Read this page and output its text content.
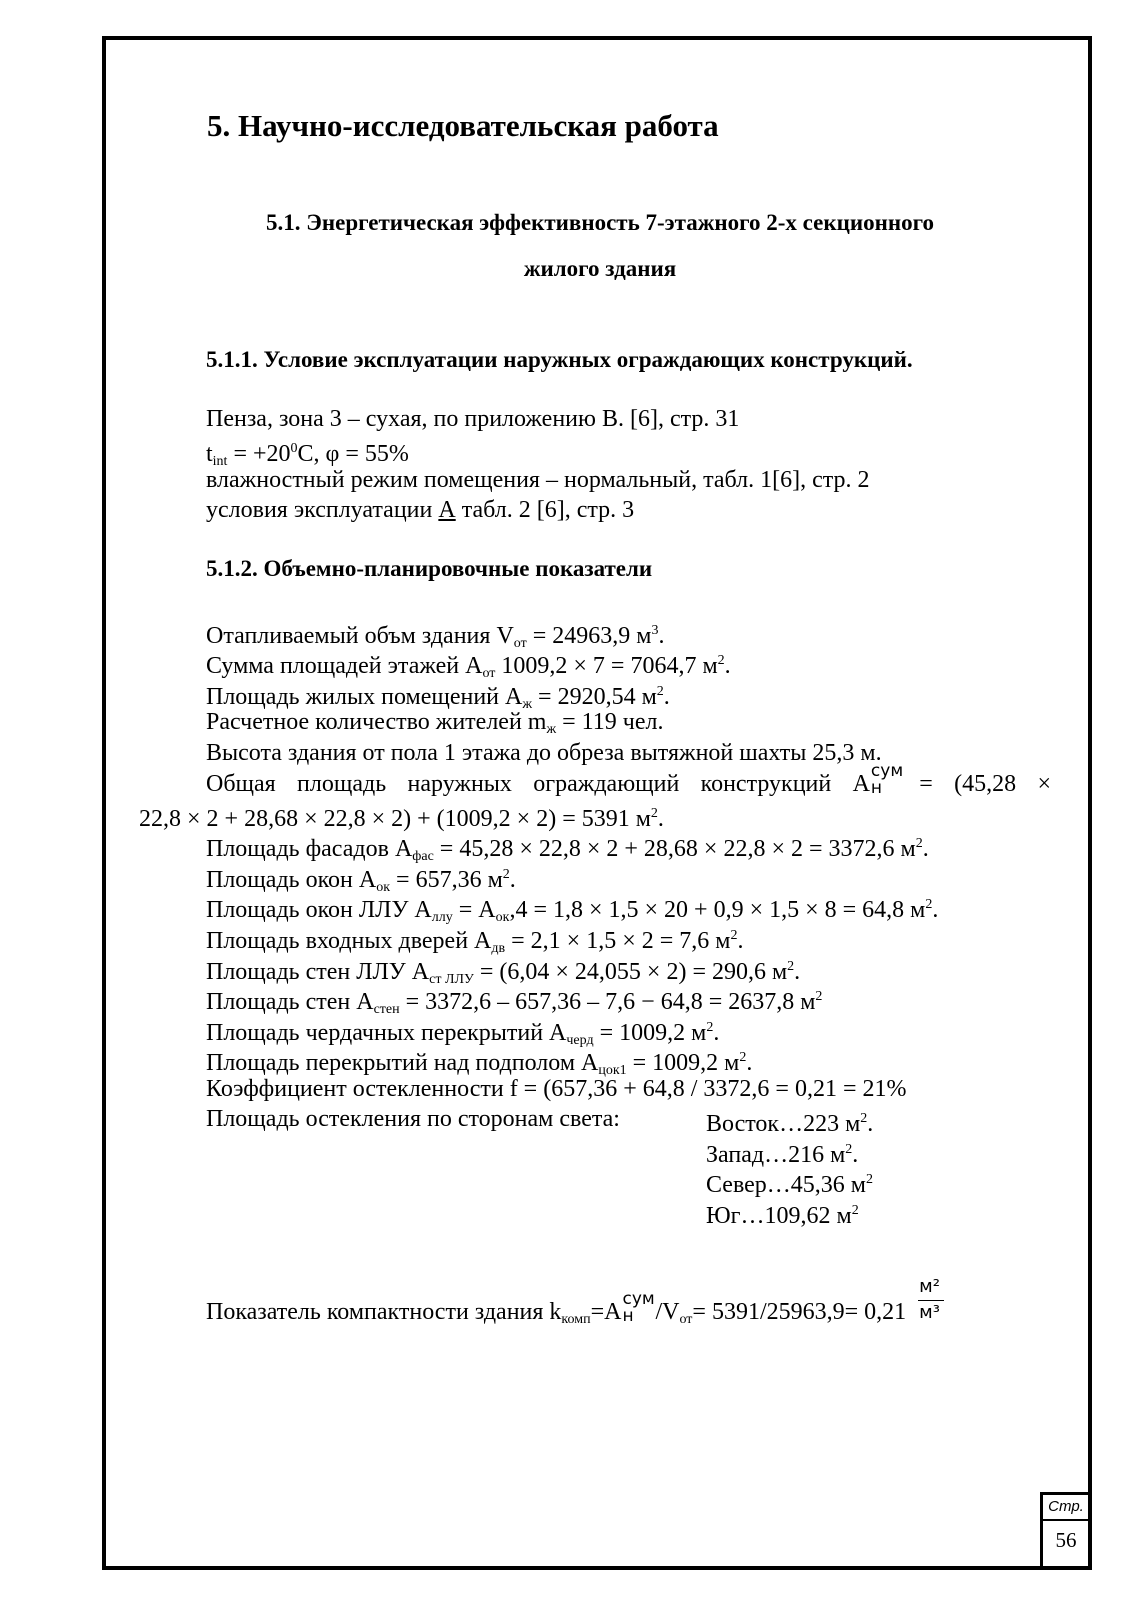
5. Научно-исследовательская работа
5.1. Энергетическая эффективность 7-этажного 2-х секционного
жилого здания
5.1.1. Условие эксплуатации наружных ограждающих конструкций.
Пенза, зона 3 – сухая, по приложению В. [6], стр. 31
$t_{int} = +20^0C$, φ = 55%
влажностный режим помещения – нормальный, табл. 1[6], стр. 2
условия эксплуатации А табл. 2 [6], стр. 3
5.1.2. Объемно-планировочные показатели
Отапливаемый объм здания $V_{от} = 24963,9$ $м^3$.
Сумма площадей этажей $А_{от}$ 1009,2 × 7 = 7064,7 $м^2$.
Площадь жилых помещений $А_ж = 2920,54$ $м^2$.
Расчетное количество жителей $m_ж = 119$ чел.
Высота здания от пола 1 этажа до обреза вытяжной шахты 25,3 м.
Общая площадь наружных ограждающий конструкций А сум
н = (45,28 ×
22,8 × 2 + 28,68 × 22,8 × 2) + (1009,2 × 2) = 5391 $м^2$.
Площадь фасадов $А_{фас} = 45,28 \times 22,8 \times 2 + 28,68 \times 22,8 \times 2 = 3372,6$ $м^2$.
Площадь окон $А_{ок} = 657,36$ $м^2$.
Площадь окон ЛЛУ $А_{ллу} = А_{ок},4 = 1,8 \times 1,5 \times 20 + 0,9 \times 1,5 \times 8 = 64,8$ $м^2$.
Площадь входных дверей $А_{дв} = 2,1 \times 1,5 \times 2 = 7,6$ $м^2$.
Площадь стен ЛЛУ $А_{ст ЛЛУ} = (6,04 \times 24,055 \times 2) = 290,6$ $м^2$.
Площадь стен $А_{стен} = 3372,6 - 657,36 - 7,6 - 64,8 = 2637,8$ $м^2$
Площадь чердачных перекрытий $А_{черд} = 1009,2$ $м^2$.
Площадь перекрытий над подполом $А_{цок1} = 1009,2$ $м^2$.
Коэффициент остекленности f = (657,36 + 64,8 / 3372,6 = 0,21 = 21%
Площадь остекления по сторонам света:	Восток…223 $м^2$.
Запад…216 $м^2$.
Север…45,36 $м^2$
Юг…109,62 $м^2$
Показатель компактности здания $k_{комп}=А$ сум
н $/V_{от}= 5391/25963,9= 0,21 \frac{\text{м²}}{\text{м³}}$
Стр.
56
